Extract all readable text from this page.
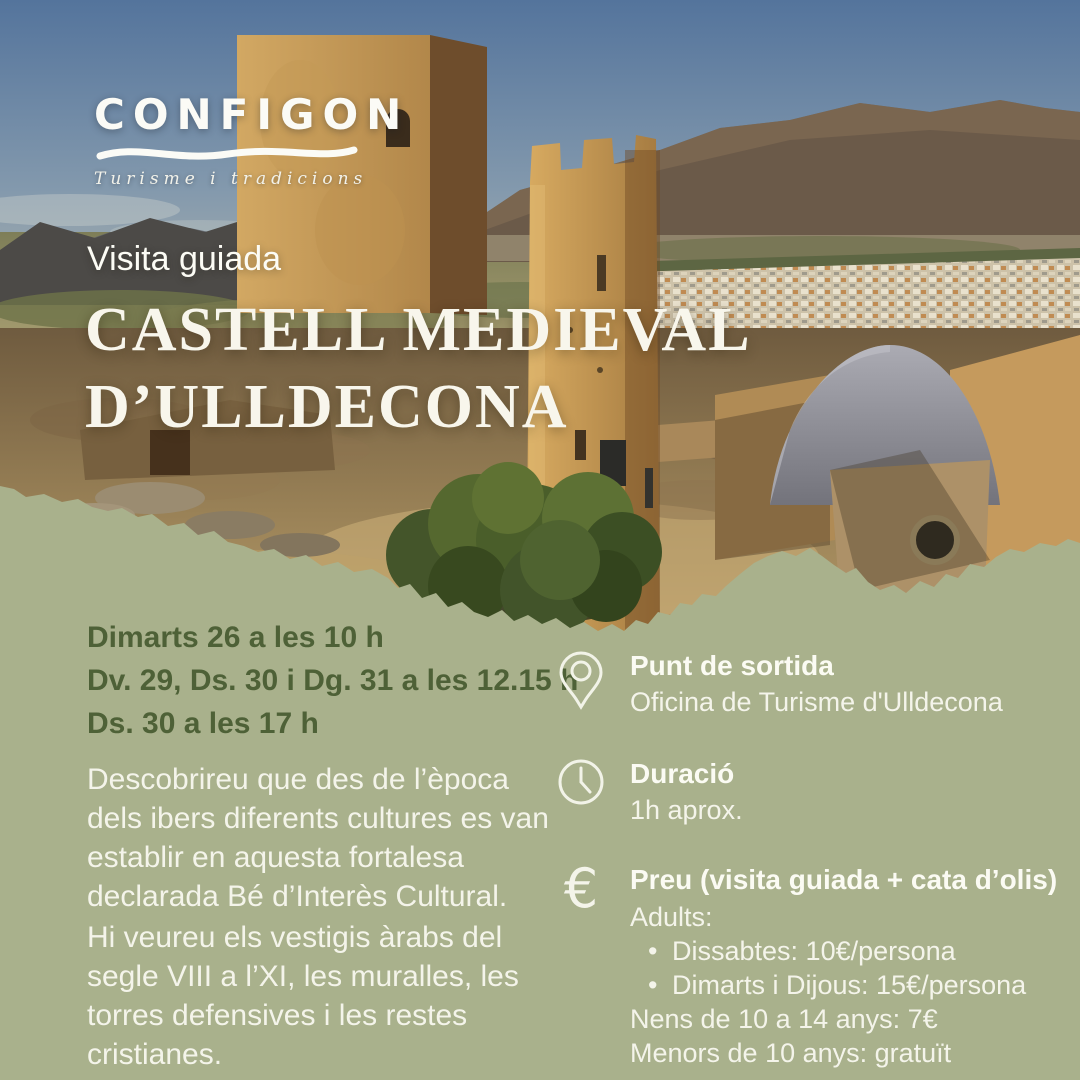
CONFIGON
Turisme i tradicions
Visita guiada
CASTELL MEDIEVAL
D’ULLDECONA
Dimarts 26 a les 10 h
Dv. 29, Ds. 30 i Dg. 31 a les 12.15 h
Ds. 30 a les 17 h

Descobrireu que des de l’època dels ibers diferents cultures es van establir en aquesta fortalesa declarada Bé d’Interès Cultural.

Hi veureu els vestigis àrabs del segle VIII a l’XI, les muralles, les torres defensives i les restes cristianes.

Punt de sortida
Oficina de Turisme d'Ulldecona
Duració
1h aprox.
€ Preu (visita guiada + cata d’olis)
Adults:
• Dissabtes: 10€/persona
• Dimarts i Dijous: 15€/persona
Nens de 10 a 14 anys: 7€
Menors de 10 anys: gratuït
